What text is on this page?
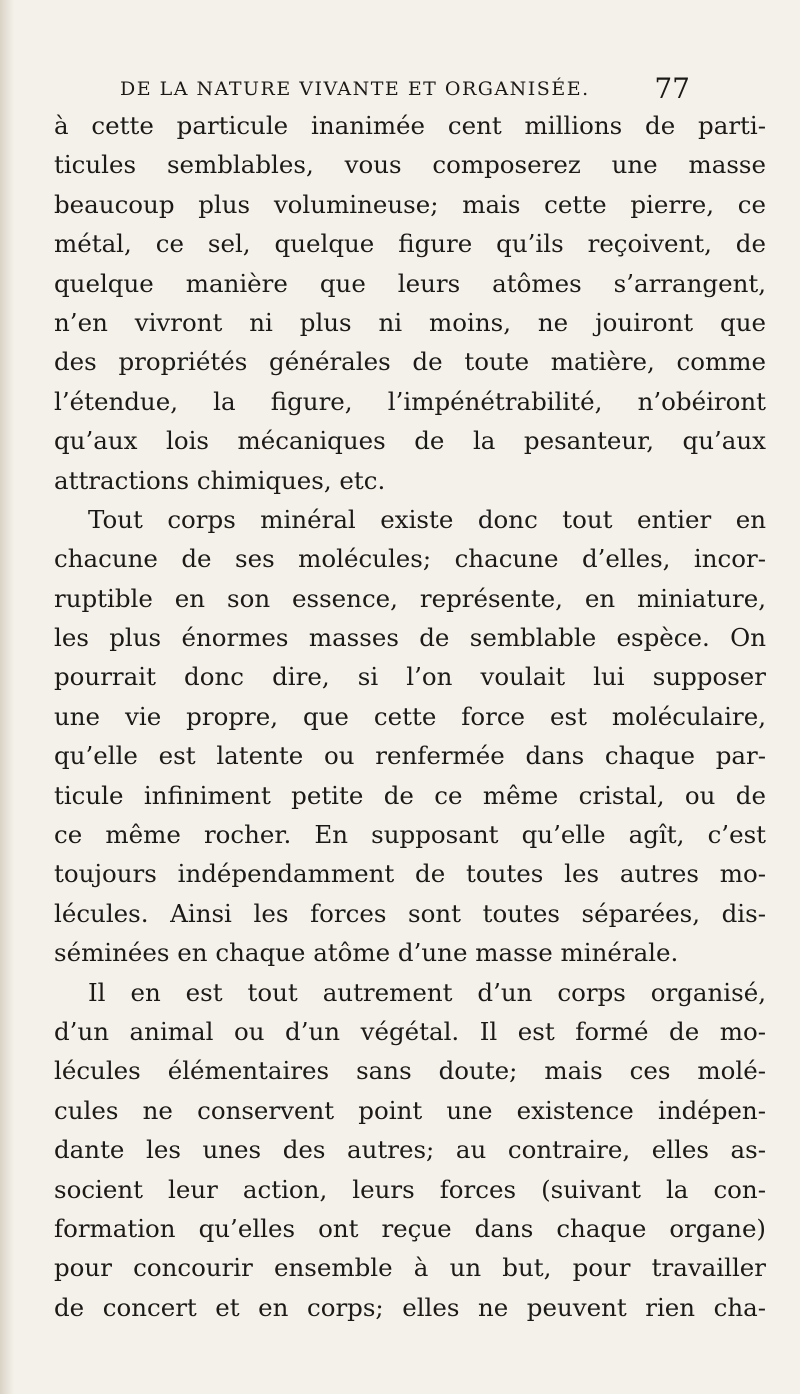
DE LA NATURE VIVANTE ET ORGANISÉE. 77
à cette particule inanimée cent millions de parti-
ticules semblables, vous composerez une masse
beaucoup plus volumineuse; mais cette pierre, ce
métal, ce sel, quelque figure qu’ils reçoivent, de
quelque manière que leurs atômes s’arrangent,
n’en vivront ni plus ni moins, ne jouiront que
des propriétés générales de toute matière, comme
l’étendue, la figure, l’impénétrabilité, n’obéiront
qu’aux lois mécaniques de la pesanteur, qu’aux
attractions chimiques, etc.
Tout corps minéral existe donc tout entier en
chacune de ses molécules; chacune d’elles, incor-
ruptible en son essence, représente, en miniature,
les plus énormes masses de semblable espèce. On
pourrait donc dire, si l’on voulait lui supposer
une vie propre, que cette force est moléculaire,
qu’elle est latente ou renfermée dans chaque par-
ticule infiniment petite de ce même cristal, ou de
ce même rocher. En supposant qu’elle agît, c’est
toujours indépendamment de toutes les autres mo-
lécules. Ainsi les forces sont toutes séparées, dis-
séminées en chaque atôme d’une masse minérale.
Il en est tout autrement d’un corps organisé,
d’un animal ou d’un végétal. Il est formé de mo-
lécules élémentaires sans doute; mais ces molé-
cules ne conservent point une existence indépen-
dante les unes des autres; au contraire, elles as-
socient leur action, leurs forces (suivant la con-
formation qu’elles ont reçue dans chaque organe)
pour concourir ensemble à un but, pour travailler
de concert et en corps; elles ne peuvent rien cha-
